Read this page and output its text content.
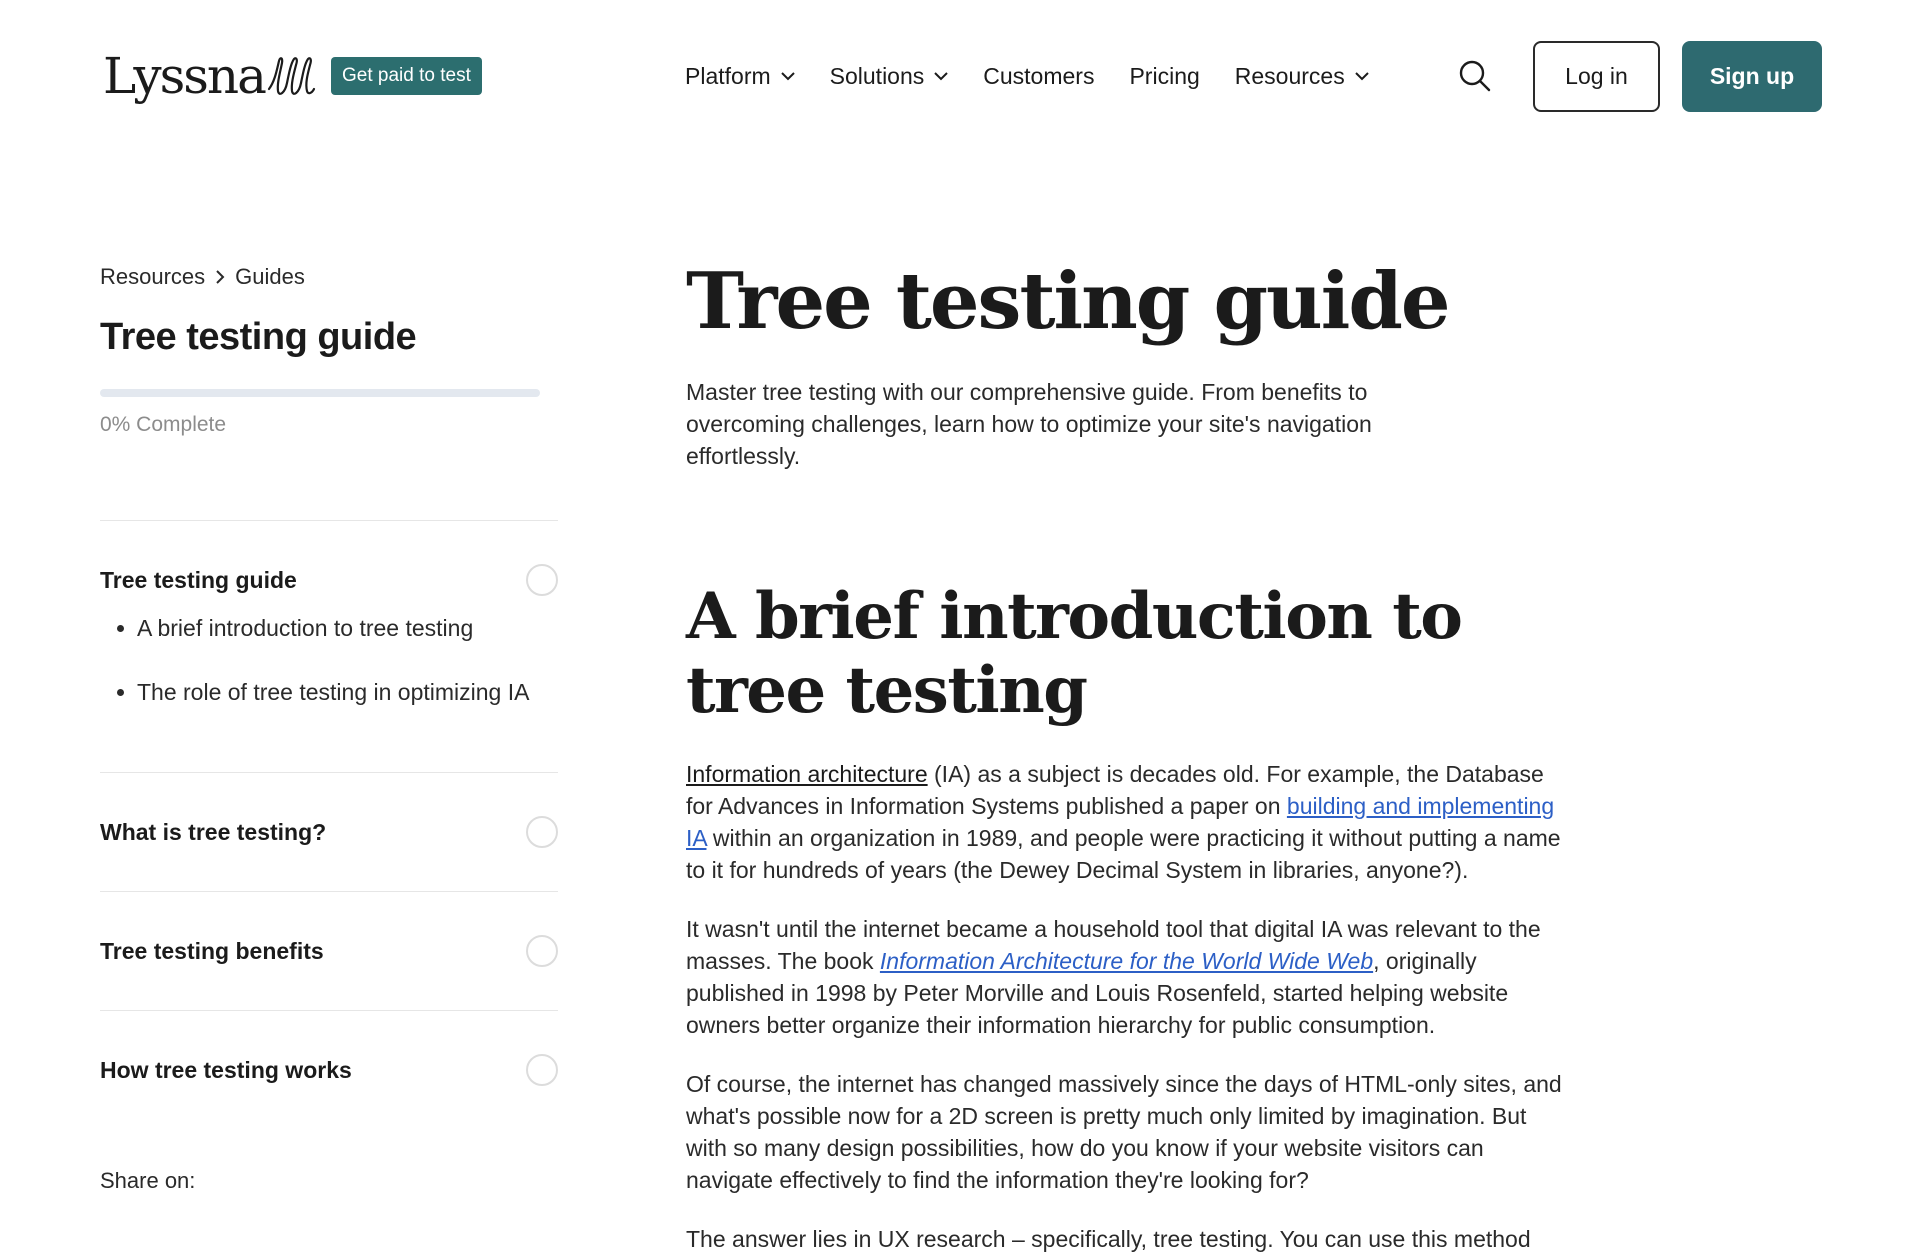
Lyssna	Get paid to test	Platform	Solutions	Customers Pricing Resources	Log in	Sign up
Resources Guides
Tree testing guide
0% Complete
Tree testing guide
A brief introduction to tree testing
The role of tree testing in optimizing IA
What is tree testing?
Tree testing benefits
How tree testing works
Share on:
Tree testing guide

Master tree testing with our comprehensive guide. From benefits to overcoming challenges, learn how to optimize your site's navigation effortlessly.

A brief introduction to tree testing

Information architecture (IA) as a subject is decades old. For example, the Database for Advances in Information Systems published a paper on building and implementing IA within an organization in 1989, and people were practicing it without putting a name to it for hundreds of years (the Dewey Decimal System in libraries, anyone?).

It wasn't until the internet became a household tool that digital IA was relevant to the masses. The book Information Architecture for the World Wide Web, originally published in 1998 by Peter Morville and Louis Rosenfeld, started helping website owners better organize their information hierarchy for public consumption.

Of course, the internet has changed massively since the days of HTML-only sites, and what's possible now for a 2D screen is pretty much only limited by imagination. But with so many design possibilities, how do you know if your website visitors can navigate effectively to find the information they're looking for?

The answer lies in UX research – specifically, tree testing. You can use this method
